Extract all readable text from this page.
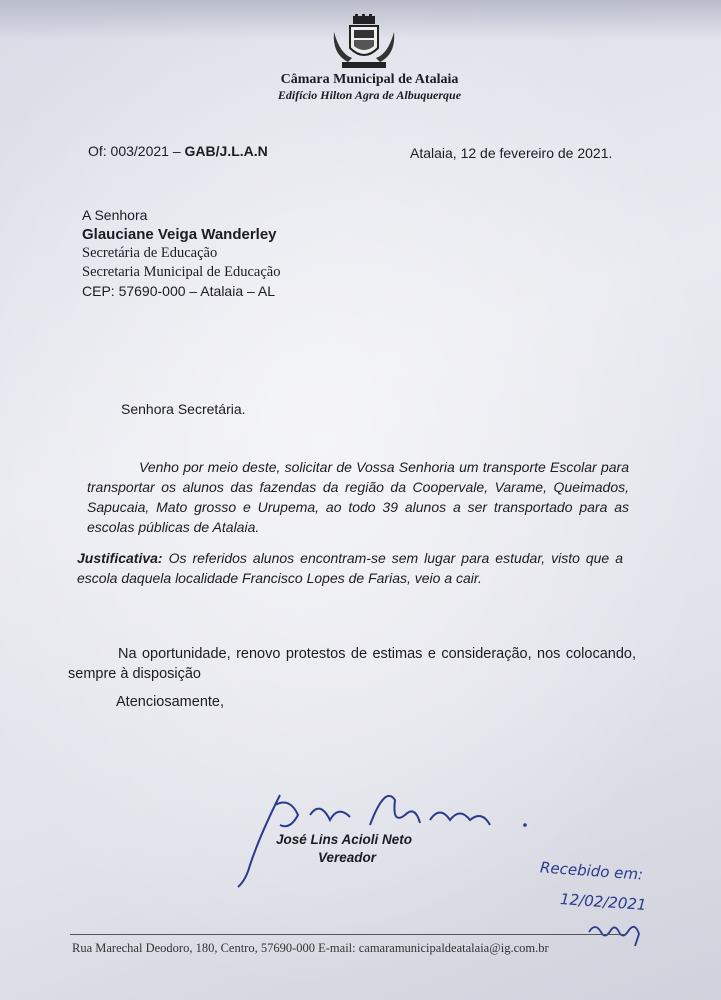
Câmara Municipal de Atalaia
Edifício Hilton Agra de Albuquerque
Of: 003/2021 – GAB/J.L.A.N	Atalaia, 12 de fevereiro de 2021.
A Senhora
Glauciane Veiga Wanderley
Secretária de Educação
Secretaria Municipal de Educação
CEP: 57690-000 – Atalaia – AL
Senhora Secretária.
Venho por meio deste, solicitar de Vossa Senhoria um transporte Escolar para transportar os alunos das fazendas da região da Coopervale, Varame, Queimados, Sapucaia, Mato grosso e Urupema, ao todo 39 alunos a ser transportado para as escolas públicas de Atalaia.
Justificativa: Os referidos alunos encontram-se sem lugar para estudar, visto que a escola daquela localidade Francisco Lopes de Farias, veio a cair.
Na oportunidade, renovo protestos de estimas e consideração, nos colocando, sempre à disposição
Atenciosamente,
José Lins Acioli Neto
Vereador
Recebido em:
12/02/2021
Rua Marechal Deodoro, 180, Centro, 57690-000 E-mail: camaramunicipaldeatalaia@ig.com.br
